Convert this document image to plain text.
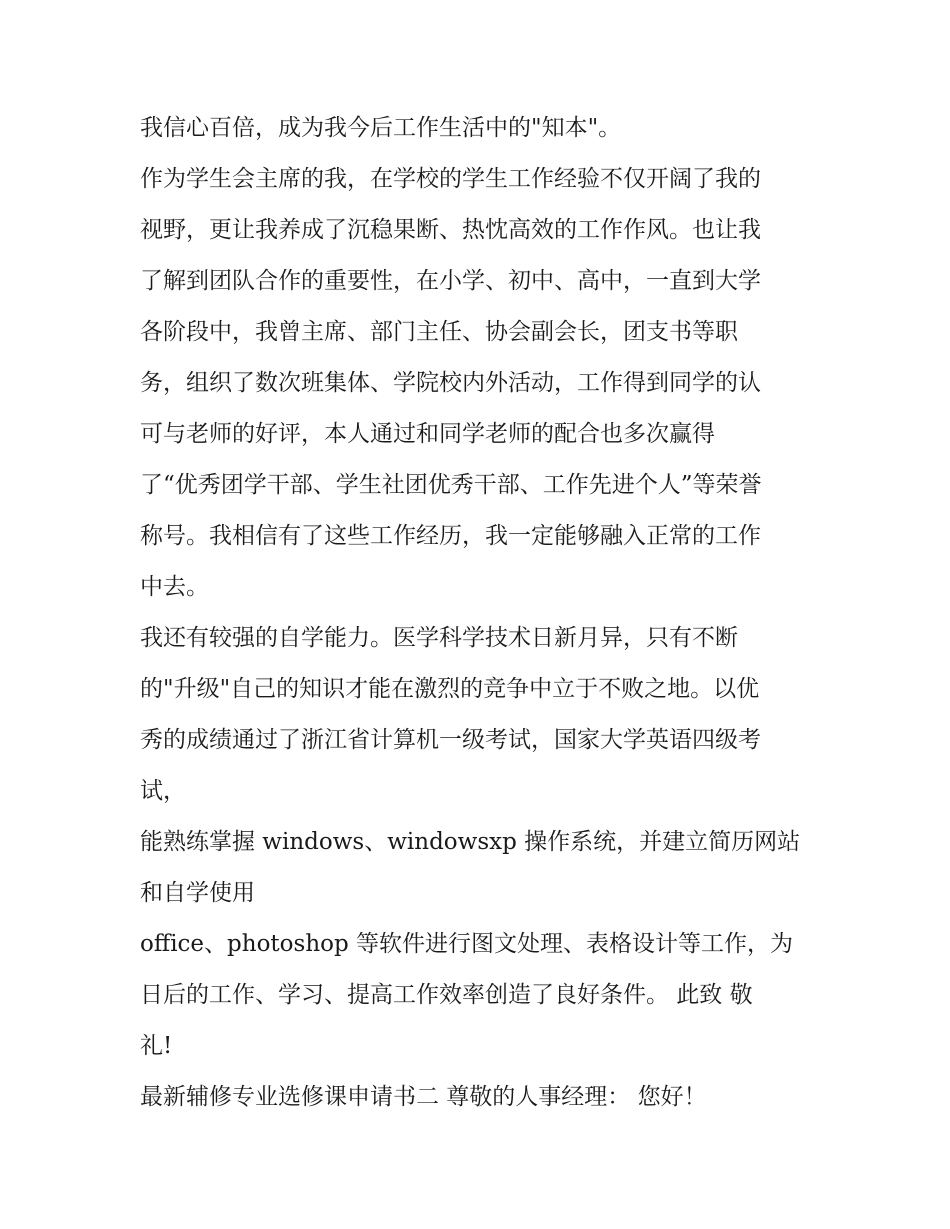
我信心百倍，成为我今后工作生活中的"知本"。
作为学生会主席的我，在学校的学生工作经验不仅开阔了我的
视野，更让我养成了沉稳果断、热忱高效的工作作风。也让我
了解到团队合作的重要性，在小学、初中、高中，一直到大学
各阶段中，我曾主席、部门主任、协会副会长，团支书等职
务，组织了数次班集体、学院校内外活动，工作得到同学的认
可与老师的好评，本人通过和同学老师的配合也多次赢得
了“优秀团学干部、学生社团优秀干部、工作先进个人”等荣誉
称号。我相信有了这些工作经历，我一定能够融入正常的工作
中去。
我还有较强的自学能力。医学科学技术日新月异，只有不断
的"升级"自己的知识才能在激烈的竞争中立于不败之地。以优
秀的成绩通过了浙江省计算机一级考试，国家大学英语四级考
试，
能熟练掌握 windows、windowsxp 操作系统，并建立简历网站
和自学使用
office、photoshop 等软件进行图文处理、表格设计等工作，为
日后的工作、学习、提高工作效率创造了良好条件。 此致 敬
礼!
最新辅修专业选修课申请书二 尊敬的人事经理： 您好！
